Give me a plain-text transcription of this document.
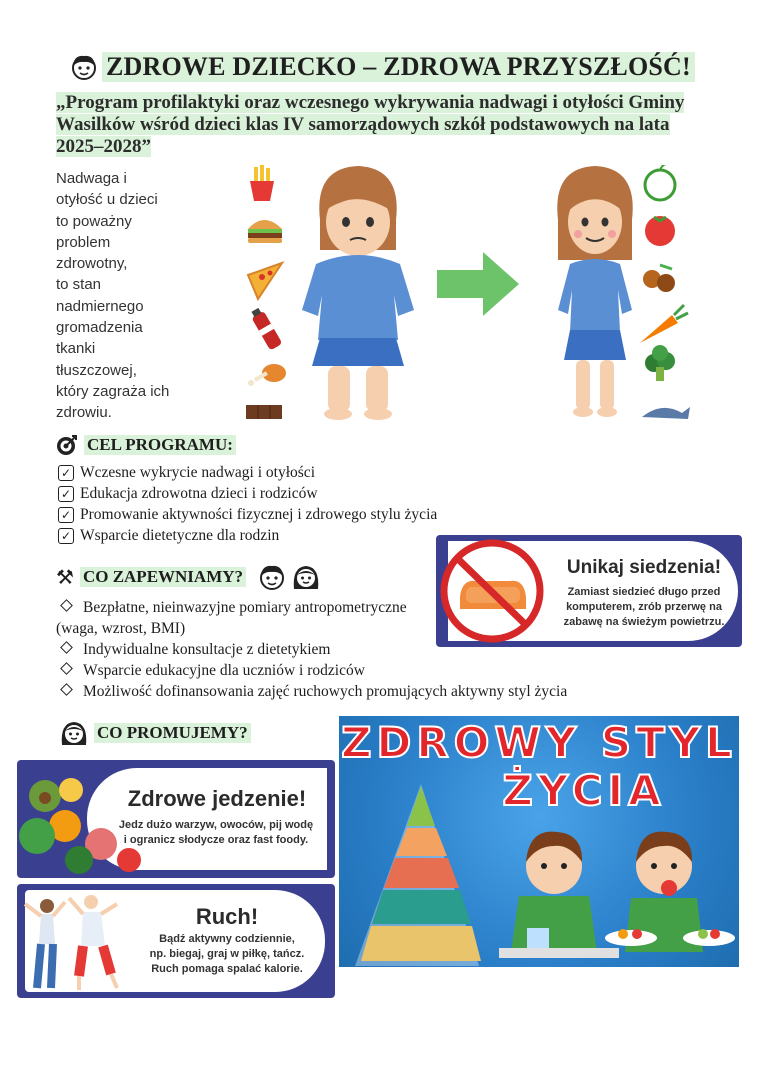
ZDROWE DZIECKO – ZDROWA PRZYSZŁOŚĆ!
„Program profilaktyki oraz wczesnego wykrywania nadwagi i otyłości Gminy Wasilków wśród dzieci klas IV samorządowych szkół podstawowych na lata 2025–2028”
Nadwaga i
otyłość u dzieci
to poważny
problem
zdrowotny,
to stan
nadmiernego
gromadzenia
tkanki
tłuszczowej,
który zagraża ich
zdrowiu.
CEL PROGRAMU:
✓ Wczesne wykrycie nadwagi i otyłości
✓ Edukacja zdrowotna dzieci i rodziców
✓ Promowanie aktywności fizycznej i zdrowego stylu życia
✓ Wsparcie dietetyczne dla rodzin
⚒ CO ZAPEWNIAMY?
Bezpłatne, nieinwazyjne pomiary antropometryczne
(waga, wzrost, BMI)
Indywidualne konsultacje z dietetykiem
Wsparcie edukacyjne dla uczniów i rodziców
Możliwość dofinansowania zajęć ruchowych promujących aktywny styl życia
Unikaj siedzenia!
Zamiast siedzieć długo przed
komputerem, zrób przerwę na
zabawę na świeżym powietrzu.
CO PROMUJEMY?
Zdrowe jedzenie!
Jedz dużo warzyw, owoców, pij wodę
i ogranicz słodycze oraz fast foody.
Ruch!
Bądź aktywny codziennie,
np. biegaj, graj w piłkę, tańcz.
Ruch pomaga spalać kalorie.
ZDROWY STYL
ŻYCIA
